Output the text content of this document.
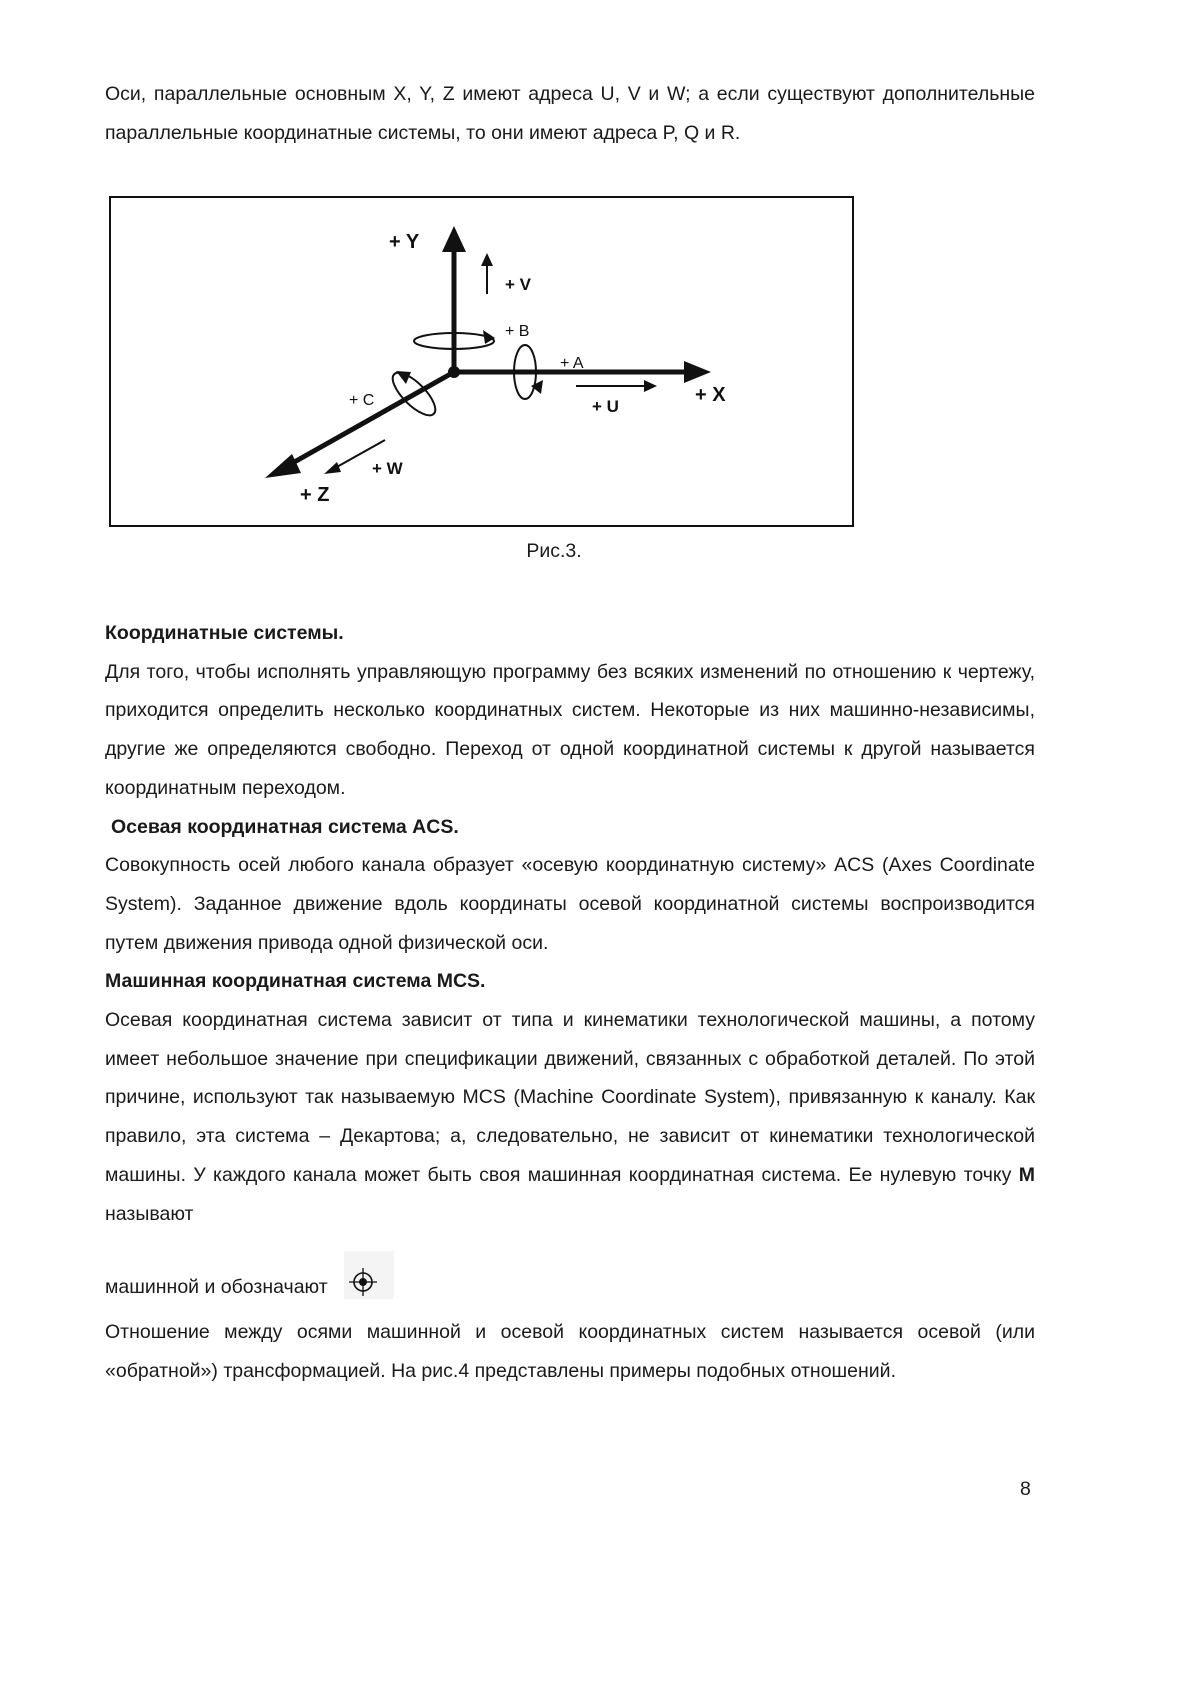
Оси, параллельные основным X, Y, Z имеют адреса U, V и W; а если существуют дополнительные параллельные координатные системы, то они имеют адреса P, Q и R.

+ Y
+ V
+ B
+ A
+ X
+ U
+ C
+ W
+ Z
Рис.3.

Координатные системы.

Для того, чтобы исполнять управляющую программу без всяких изменений по отношению к чертежу, приходится определить несколько координатных систем. Некоторые из них машинно-независимы, другие же определяются свободно. Переход от одной координатной системы к другой называется координатным переходом.

Осевая координатная система ACS.

Совокупность осей любого канала образует «осевую координатную систему» ACS (Axes Coordinate System). Заданное движение вдоль координаты осевой координатной системы воспроизводится путем движения привода одной физической оси.

Машинная координатная система MCS.

Осевая координатная система зависит от типа и кинематики технологической машины, а потому имеет небольшое значение при спецификации движений, связанных с обработкой деталей. По этой причине, используют так называемую MCS (Machine Coordinate System), привязанную к каналу. Как правило, эта система – Декартова; а, следовательно, не зависит от кинематики технологической машины. У каждого канала может быть своя машинная координатная система. Ее нулевую точку M называют

машинной и обозначают

Отношение между осями машинной и осевой координатных систем называется осевой (или «обратной») трансформацией. На рис.4 представлены примеры подобных отношений.

8
